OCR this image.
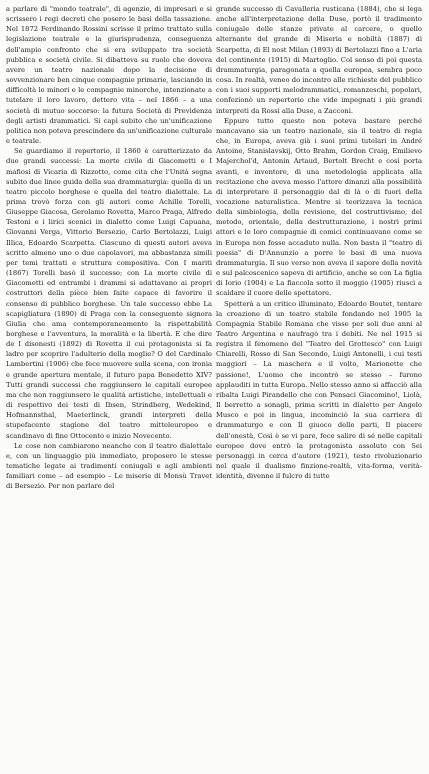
a parlare di "mondo teatrale", di agenzie, di impresari e si scrissero i regi decreti che posero le basi della tassazione. Nel 1872 Ferdinando Rossini scrisse il primo trattato sulla legislazione teatrale e la giurisprudenza, conseguenza dell'ampio confronto che si era sviluppato tra società pubblica e società civile. Si dibatteva su ruolo che doveva avere un teatro nazionale dopo la decisione di sovvenzionare ben cinque compagnie primarie, lasciando in difficoltà le minori e le compagnie minorche, intenzionate a tutelare il loro lavoro, dettero vita – nel 1866 – a una società di mutuo soccorso: la futura Società di Previdenza degli artisti drammatici. Si capì subito che un'unificazione politica non poteva prescindere da un'unificazione culturale e teatrale.

Se guardiamo il repertorio, il 1860 è caratterizzato da due grandi successi: La morte civile di Giacometti e I mafiosi di Vicaria di Rizzotto, come cita che l'Unità segna subito due linee guida della sua drammaturgia: quella di un teatro piccolo borghese e quella del teatro dialettale. La prima trovò forza con gli autori come Achille Torelli, Giuseppe Giacosa, Gerolamo Rovetta, Marco Praga, Alfredo Testoni e i lirici scenici in dialetto come Luigi Capuana, Giovanni Verga, Vittorio Bersezio, Carlo Bertolazzi, Luigi Illica, Edoardo Scarpetta. Ciascuno di questi autori aveva scritto almeno uno o due capolavori, ma abbastanza simili per temi trattati e struttura compositiva. Con I mariti (1867) Torelli basò il successo; con La morte civile di Giacometti ed entrambi i drammi si adattavano ai propri costruttori della pièce bien faite capace di favorire il consenso di pubblico borghese. Un tale successo ebbe La scapigliatura (1890) di Praga con la conseguente signora Giulia che ama contemporaneamente la rispettabilità borghese e l'avventura, la moralità e la libertà. E che dire de I disonesti (1892) di Rovetta il cui protagonista si fa ladro per scoprire l'adulterio della moglie? O del Cardinale Lambertini (1906) che fece muovere sulla scena, con ironia e grande apertura mentale, il futuro papa Benedetto XIV? Tutti grandi successi che raggiunsero le capitali europee ma che non raggiunsero le qualità artistiche, intellettuali e di respettivo dei testi di Ibsen, Strindberg, Wedekind, Hofmannsthal, Maeterlinck, grandi interpreti della stupefacente stagione del teatro mitteleuropeo e scandinavo di fine Ottocento e inizio Novecento.

Le cose non cambiarono neanche con il teatro dialettale e, con un linguaggio più immediato, proposero le stesse tematiche legate ai tradimenti coniugali e agli ambienti familiari come – ad esempio – Le miserie di Monsù Travet di Bersezio. Per non parlare del

grande successo di Cavalleria rusticana (1884), che si lega anche all'interpretazione della Duse, portò il tradimento coniugale delle stanze private al carcere, o quello alternante del grande di Miseria e nobiltà (1887) di Scarpetta, di El nost Milan (1893) di Bertolazzi fino a L'aria del continente (1915) di Martoglio. Col senso di poi questa drammaturgia, paragonata a quella europea, sembra poco cosa. In realtà, veneo do incontro alle richieste del pubblico con i suoi supporti melodrammatici, romanzeschi, popolari, confezionò un repertorio che vide impegnati i più grandi interpreti da Rossi alla Duse, a Zacconi.

Eppure tutto questo non poteva bastare perché mancavano sia un teatro nazionale, sia il teatro di regia che, in Europa, aveva già i suoi primi tutelari in André Antoine, Stanislavskij, Otto Brahm, Gordon Craig, Emilievo Majerchol'd, Antonin Artaud, Bertolt Brecht e così porta avanti, e inventore, di una metodologia applicata alla recitazione che aveva messo l'attore dinanzi alla possibilità di interpretare il personaggio dal di là o di fuori della vocazione naturalistica. Mentre si teorizzava la tecnica della simbiologia, della revisione, del costruttivismo, del metodo, orientale, della destrutturazione, i nostri primi attori e le loro compagnie di comici continuavano come se in Europa non fosse accaduto nulla. Non basta il "teatro di poesia" di D'Annunzio a porre le basi di una nuova drammaturgia. Il suo verso non aveva il sapore della novità e sul palcoscenico sapeva di artificio, anche se con La figlia di Iorio (1904) e La fiaccola sotto il moggio (1905) riuscì a scaldare il cuore delle spettatore.

Spetterà a un critico illuminato, Edoardo Boutet, tentare la creazione di un teatro stabile fondando nel 1905 la Compagnia Stabile Romana che visse per soli due anni al Teatro Argentina e naufragò tra i debiti. Ne nel 1915 si registra il fenomeno del "Teatro del Grottesco" con Luigi Chiarelli, Rosso di San Secondo, Luigi Antonelli, i cui testi maggiori – La maschera e il volto, Marionette che passione!, L'uomo che incontrò se stesso – furono applauditi in tutta Europa. Nello stesso anno si affacciò alla ribalta Luigi Pirandello che con Pensaci Giacomino!, Liolà, Il berretto a sonagli, prima scritti in dialetto per Angelo Musco e poi in lingua, incominciò la sua carriera di drammaturgo e con Il giuoco delle parti, Il piacere dell'onestà, Così è se vi pare, fece salire di sé nelle capitali europee dove entrò la protagonista assoluto con Sei personaggi in cerca d'autore (1921), testo rivoluzionario nel quale il dualismo finzione-realtà, vita-forma, verità-identità, divenne il fulcro di tutte
